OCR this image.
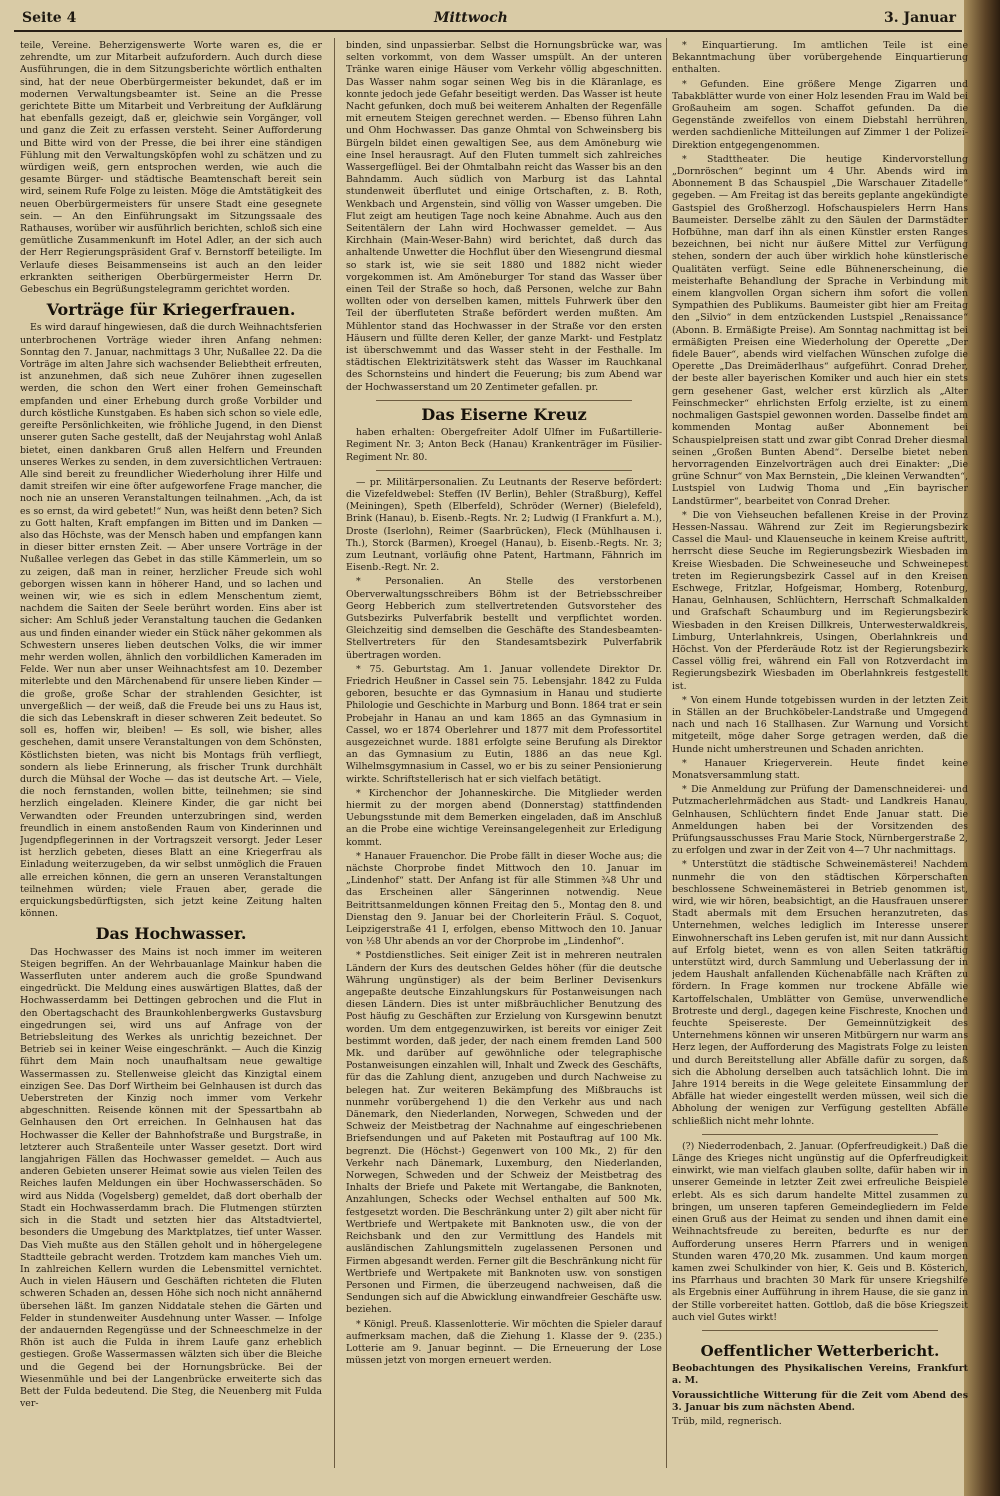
Seite 4	Mittwoch	3. Januar

teile, Vereine. Beherzigenswerte Worte waren es, die er zehrendte, um zur Mitarbeit aufzufordern. Auch durch diese Ausführungen, die in dem Sitzungsberichte wörtlich enthalten sind, hat der neue Oberbürgermeister bekundet, daß er im modernen Verwaltungsbeamter ist. Seine an die Presse gerichtete Bitte um Mitarbeit und Verbreitung der Aufklärung hat ebenfalls gezeigt, daß er, gleichwie sein Vorgänger, voll und ganz die Zeit zu erfassen versteht. Seiner Aufforderung und Bitte wird von der Presse, die bei ihrer eine ständigen Fühlung mit den Verwaltungsköpfen wohl zu schätzen und zu würdigen weiß, gern entsprochen werden, wie auch die gesamte Bürger- und städtische Beamtenschaft bereit sein wird, seinem Rufe Folge zu leisten. Möge die Amtstätigkeit des neuen Oberbürgermeisters für unsere Stadt eine gesegnete sein. — An den Einführungsakt im Sitzungssaale des Rathauses, worüber wir ausführlich berichten, schloß sich eine gemütliche Zusammenkunft im Hotel Adler, an der sich auch der Herr Regierungspräsident Graf v. Bernstorff beteiligte. Im Verlaufe dieses Beisammenseins ist auch an den leider erkrankten seitherigen Oberbürgermeister Herrn Dr. Gebeschus ein Begrüßungstelegramm gerichtet worden.

Vorträge für Kriegerfrauen.

Es wird darauf hingewiesen, daß die durch Weihnachtsferien unterbrochenen Vorträge wieder ihren Anfang nehmen: Sonntag den 7. Januar, nachmittags 3 Uhr, Nußallee 22. Da die Vorträge im alten Jahre sich wachsender Beliebtheit erfreuten, ist anzunehmen, daß sich neue Zuhörer ihnen zugesellen werden, die schon den Wert einer frohen Gemeinschaft empfanden und einer Erhebung durch große Vorbilder und durch köstliche Kunstgaben. Es haben sich schon so viele edle, gereifte Persönlichkeiten, wie fröhliche Jugend, in den Dienst unserer guten Sache gestellt, daß der Neujahrstag wohl Anlaß bietet, einen dankbaren Gruß allen Helfern und Freunden unseres Werkes zu senden, in dem zuversichtlichen Vertrauen: Alle sind bereit zu freundlicher Wiederholung ihrer Hilfe und damit streifen wir eine öfter aufgeworfene Frage mancher, die noch nie an unseren Veranstaltungen teilnahmen. „Ach, da ist es so ernst, da wird gebetet!“ Nun, was heißt denn beten? Sich zu Gott halten, Kraft empfangen im Bitten und im Danken — also das Höchste, was der Mensch haben und empfangen kann in dieser bitter ernsten Zeit. — Aber unsere Vorträge in der Nußallee verlegen das Gebet in das stille Kämmerlein, um so zu zeigen, daß man in reiner, herzlicher Freude sich wohl geborgen wissen kann in höherer Hand, und so lachen und weinen wir, wie es sich in edlem Menschentum ziemt, nachdem die Saiten der Seele berührt worden. Eins aber ist sicher: Am Schluß jeder Veranstaltung tauchen die Gedanken aus und finden einander wieder ein Stück näher gekommen als Schwestern unseres lieben deutschen Volks, die wir immer mehr werden wollen, ähnlich den vorbildlichen Kameraden im Felde. Wer nun aber unser Weihnachtsfest am 10. Dezember miterlebte und den Märchenabend für unsere lieben Kinder — die große, große Schar der strahlenden Gesichter, ist unvergeßlich — der weiß, daß die Freude bei uns zu Haus ist, die sich das Lebenskraft in dieser schweren Zeit bedeutet. So soll es, hoffen wir, bleiben! — Es soll, wie bisher, alles geschehen, damit unsere Veranstaltungen von dem Schönsten, Köstlichsten bieten, was nicht bis Montags früh verfliegt, sondern als liebe Erinnerung, als frischer Trunk durchhält durch die Mühsal der Woche — das ist deutsche Art. — Viele, die noch fernstanden, wollen bitte, teilnehmen; sie sind herzlich eingeladen. Kleinere Kinder, die gar nicht bei Verwandten oder Freunden unterzubringen sind, werden freundlich in einem anstoßenden Raum von Kinderinnen und Jugendpflegerinnen in der Vortragszeit versorgt. Jeder Leser ist herzlich gebeten, dieses Blatt an eine Kriegerfrau als Einladung weiterzugeben, da wir selbst unmöglich die Frauen alle erreichen können, die gern an unseren Veranstaltungen teilnehmen würden; viele Frauen aber, gerade die erquickungsbedürftigsten, sich jetzt keine Zeitung halten können.

Das Hochwasser.

Das Hochwasser des Mains ist noch immer im weiteren Steigen begriffen. An der Wehrbauanlage Mainkur haben die Wasserfluten unter anderem auch die große Spundwand eingedrückt. Die Meldung eines auswärtigen Blattes, daß der Hochwasserdamm bei Dettingen gebrochen und die Flut in den Obertagschacht des Braunkohlenbergwerks Gustavsburg eingedrungen sei, wird uns auf Anfrage von der Betriebsleitung des Werkes als unrichtig bezeichnet. Der Betrieb sei in keiner Weise eingeschränkt. — Auch die Kinzig führt dem Main noch unaufhaltsam neue gewaltige Wassermassen zu. Stellenweise gleicht das Kinzigtal einem einzigen See. Das Dorf Wirtheim bei Gelnhausen ist durch das Ueberstreten der Kinzig noch immer vom Verkehr abgeschnitten. Reisende können mit der Spessartbahn ab Gelnhausen den Ort erreichen. In Gelnhausen hat das Hochwasser die Keller der Bahnhofstraße und Burgstraße, in letzterer auch Straßenteile unter Wasser gesetzt. Dort wird langjahrigen Fällen das Hochwasser gemeldet. — Auch aus anderen Gebieten unserer Heimat sowie aus vielen Teilen des Reiches laufen Meldungen ein über Hochwasserschäden. So wird aus Nidda (Vogelsberg) gemeldet, daß dort oberhalb der Stadt ein Hochwasserdamm brach. Die Flutmengen stürzten sich in die Stadt und setzten hier das Altstadtviertel, besonders die Umgebung des Marktplatzes, tief unter Wasser. Das Vieh mußte aus den Ställen geholt und in höhergelegene Stadtteile gebracht werden. Trotzdem kam manches Vieh um. In zahlreichen Kellern wurden die Lebensmittel vernichtet. Auch in vielen Häusern und Geschäften richteten die Fluten schweren Schaden an, dessen Höhe sich noch nicht annähernd übersehen läßt. Im ganzen Niddatale stehen die Gärten und Felder in stundenweiter Ausdehnung unter Wasser. — Infolge der andauernden Regengüsse und der Schneeschmelze in der Rhön ist auch die Fulda in ihrem Laufe ganz erheblich gestiegen. Große Wassermassen wälzten sich über die Bleiche und die Gegend bei der Hornungsbrücke. Bei der Wiesenmühle und bei der Langenbrücke erweiterte sich das Bett der Fulda bedeutend. Die Steg, die Neuenberg mit Fulda ver-

binden, sind unpassierbar. Selbst die Hornungsbrücke war, was selten vorkommt, von dem Wasser umspült. An der unteren Tränke waren einige Häuser vom Verkehr völlig abgeschnitten. Das Wasser nahm sogar seinen Weg bis in die Kläranlage, es konnte jedoch jede Gefahr beseitigt werden. Das Wasser ist heute Nacht gefunken, doch muß bei weiterem Anhalten der Regenfälle mit erneutem Steigen gerechnet werden. — Ebenso führen Lahn und Ohm Hochwasser. Das ganze Ohmtal von Schweinsberg bis Bürgeln bildet einen gewaltigen See, aus dem Amöneburg wie eine Insel herausragt. Auf den Fluten tummelt sich zahlreiches Wassergeflügel. Bei der Ohmtalbahn reicht das Wasser bis an den Bahndamm. Auch südlich von Marburg ist das Lahntal stundenweit überflutet und einige Ortschaften, z. B. Roth, Wenkbach und Argenstein, sind völlig von Wasser umgeben. Die Flut zeigt am heutigen Tage noch keine Abnahme. Auch aus den Seitentälern der Lahn wird Hochwasser gemeldet. — Aus Kirchhain (Main-Weser-Bahn) wird berichtet, daß durch das anhaltende Unwetter die Hochflut über den Wiesengrund diesmal so stark ist, wie sie seit 1880 und 1882 nicht wieder vorgekommen ist. Am Amöneburger Tor stand das Wasser über einen Teil der Straße so hoch, daß Personen, welche zur Bahn wollten oder von derselben kamen, mittels Fuhrwerk über den Teil der überfluteten Straße befördert werden mußten. Am Mühlentor stand das Hochwasser in der Straße vor den ersten Häusern und füllte deren Keller, der ganze Markt- und Festplatz ist überschwemmt und das Wasser steht in der Festhalle. Im städtischen Elektrizitätswerk steht das Wasser im Rauchkanal des Schornsteins und hindert die Feuerung; bis zum Abend war der Hochwasserstand um 20 Zentimeter gefallen. pr.

Das Eiserne Kreuz

haben erhalten: Obergefreiter Adolf Ulfner im Fußartillerie-Regiment Nr. 3; Anton Beck (Hanau) Krankenträger im Füsilier-Regiment Nr. 80.

— pr. Militärpersonalien. Zu Leutnants der Reserve befördert: die Vizefeldwebel: Steffen (IV Berlin), Behler (Straßburg), Keffel (Meiningen), Speth (Elberfeld), Schröder (Werner) (Bielefeld), Brink (Hanau), b. Eisenb.-Regts. Nr. 2; Ludwig (I Frankfurt a. M.), Droste (Iserlohn), Reimer (Saarbrücken), Fleck (Mühlhausen i. Th.), Storck (Barmen), Kroegel (Hanau), b. Eisenb.-Regts. Nr. 3; zum Leutnant, vorläufig ohne Patent, Hartmann, Fähnrich im Eisenb.-Regt. Nr. 2.

* Personalien. An Stelle des verstorbenen Oberverwaltungsschreibers Böhm ist der Betriebsschreiber Georg Hebberich zum stellvertretenden Gutsvorsteher des Gutsbezirks Pulverfabrik bestellt und verpflichtet worden. Gleichzeitig sind demselben die Geschäfte des Standesbeamten-Stellvertreters für den Standesamtsbezirk Pulverfabrik übertragen worden.

* 75. Geburtstag. Am 1. Januar vollendete Direktor Dr. Friedrich Heußner in Cassel sein 75. Lebensjahr. 1842 zu Fulda geboren, besuchte er das Gymnasium in Hanau und studierte Philologie und Geschichte in Marburg und Bonn. 1864 trat er sein Probejahr in Hanau an und kam 1865 an das Gymnasium in Cassel, wo er 1874 Oberlehrer und 1877 mit dem Professortitel ausgezeichnet wurde. 1881 erfolgte seine Berufung als Direktor an das Gymnasium zu Eutin, 1886 an das neue Kgl. Wilhelmsgymnasium in Cassel, wo er bis zu seiner Pensionierung wirkte. Schriftstellerisch hat er sich vielfach betätigt.

* Kirchenchor der Johanneskirche. Die Mitglieder werden hiermit zu der morgen abend (Donnerstag) stattfindenden Uebungsstunde mit dem Bemerken eingeladen, daß im Anschluß an die Probe eine wichtige Vereinsangelegenheit zur Erledigung kommt.

* Hanauer Frauenchor. Die Probe fällt in dieser Woche aus; die nächste Chorprobe findet Mittwoch den 10. Januar im „Lindenhof“ statt. Der Anfang ist für alle Stimmen ¾8 Uhr und das Erscheinen aller Sängerinnen notwendig. Neue Beitrittsanmeldungen können Freitag den 5., Montag den 8. und Dienstag den 9. Januar bei der Chorleiterin Fräul. S. Coquot, Leipzigerstraße 41 I, erfolgen, ebenso Mittwoch den 10. Januar von ½8 Uhr abends an vor der Chorprobe im „Lindenhof“.

* Postdienstliches. Seit einiger Zeit ist in mehreren neutralen Ländern der Kurs des deutschen Geldes höher (für die deutsche Währung ungünstiger) als der beim Berliner Devisenkurs angepaßte deutsche Einzahlungskurs für Postanweisungen nach diesen Ländern. Dies ist unter mißbräuchlicher Benutzung des Post häufig zu Geschäften zur Erzielung von Kursgewinn benutzt worden. Um dem entgegenzuwirken, ist bereits vor einiger Zeit bestimmt worden, daß jeder, der nach einem fremden Land 500 Mk. und darüber auf gewöhnliche oder telegraphische Postanweisungen einzahlen will, Inhalt und Zweck des Geschäfts, für das die Zahlung dient, anzugeben und durch Nachweise zu belegen hat. Zur weiteren Bekämpfung des Mißbrauchs ist nunmehr vorübergehend 1) die den Verkehr aus und nach Dänemark, den Niederlanden, Norwegen, Schweden und der Schweiz der Meistbetrag der Nachnahme auf eingeschriebenen Briefsendungen und auf Paketen mit Postauftrag auf 100 Mk. begrenzt. Die (Höchst-) Gegenwert von 100 Mk., 2) für den Verkehr nach Dänemark, Luxemburg, den Niederlanden, Norwegen, Schweden und der Schweiz der Meistbetrag des Inhalts der Briefe und Pakete mit Wertangabe, die Banknoten, Anzahlungen, Schecks oder Wechsel enthalten auf 500 Mk. festgesetzt worden. Die Beschränkung unter 2) gilt aber nicht für Wertbriefe und Wertpakete mit Banknoten usw., die von der Reichsbank und den zur Vermittlung des Handels mit ausländischen Zahlungsmitteln zugelassenen Personen und Firmen abgesandt werden. Ferner gilt die Beschränkung nicht für Wertbriefe und Wertpakete mit Banknoten usw. von sonstigen Personen und Firmen, die überzeugend nachweisen, daß die Sendungen sich auf die Abwicklung einwandfreier Geschäfte usw. beziehen.

* Königl. Preuß. Klassenlotterie. Wir möchten die Spieler darauf aufmerksam machen, daß die Ziehung 1. Klasse der 9. (235.) Lotterie am 9. Januar beginnt. — Die Erneuerung der Lose müssen jetzt von morgen erneuert werden.

* Einquartierung. Im amtlichen Teile ist eine Bekanntmachung über vorübergehende Einquartierung enthalten.

* Gefunden. Eine größere Menge Zigarren und Tabakblätter wurde von einer Holz lesenden Frau im Wald bei Großauheim am sogen. Schaffot gefunden. Da die Gegenstände zweifellos von einem Diebstahl herrühren, werden sachdienliche Mitteilungen auf Zimmer 1 der Polizei-Direktion entgegengenommen.

* Stadttheater. Die heutige Kindervorstellung „Dornröschen“ beginnt um 4 Uhr. Abends wird im Abonnement B das Schauspiel „Die Warschauer Zitadelle“ gegeben. — Am Freitag ist das bereits geplante angekündigte Gastspiel des Großherzogl. Hofschauspielers Herrn Hans Baumeister. Derselbe zählt zu den Säulen der Darmstädter Hofbühne, man darf ihn als einen Künstler ersten Ranges bezeichnen, bei nicht nur äußere Mittel zur Verfügung stehen, sondern der auch über wirklich hohe künstlerische Qualitäten verfügt. Seine edle Bühnenerscheinung, die meisterhafte Behandlung der Sprache in Verbindung mit einem klangvollen Organ sichern ihm sofort die vollen Sympathien des Publikums. Baumeister gibt hier am Freitag den „Silvio“ in dem entzückenden Lustspiel „Renaissance“ (Abonn. B. Ermäßigte Preise). Am Sonntag nachmittag ist bei ermäßigten Preisen eine Wiederholung der Operette „Der fidele Bauer“, abends wird vielfachen Wünschen zufolge die Operette „Das Dreimäderlhaus“ aufgeführt. Conrad Dreher, der beste aller bayerischen Komiker und auch hier ein stets gern gesehener Gast, welcher erst kürzlich als „Alter Feinschmecker“ ehrlichsten Erfolg erzielte, ist zu einem nochmaligen Gastspiel gewonnen worden. Dasselbe findet am kommenden Montag außer Abonnement bei Schauspielpreisen statt und zwar gibt Conrad Dreher diesmal seinen „Großen Bunten Abend“. Derselbe bietet neben hervorragenden Einzelvorträgen auch drei Einakter: „Die grüne Schnur“ von Max Bernstein, „Die kleinen Verwandten“, Lustspiel von Ludwig Thoma und „Ein bayrischer Landstürmer“, bearbeitet von Conrad Dreher.

* Die von Viehseuchen befallenen Kreise in der Provinz Hessen-Nassau. Während zur Zeit im Regierungsbezirk Cassel die Maul- und Klauenseuche in keinem Kreise auftritt, herrscht diese Seuche im Regierungsbezirk Wiesbaden im Kreise Wiesbaden. Die Schweineseuche und Schweinepest treten im Regierungsbezirk Cassel auf in den Kreisen Eschwege, Fritzlar, Hofgeismar, Homberg, Rotenburg, Hanau, Gelnhausen, Schlüchtern, Herrschaft Schmalkalden und Grafschaft Schaumburg und im Regierungsbezirk Wiesbaden in den Kreisen Dillkreis, Unterwesterwaldkreis, Limburg, Unterlahnkreis, Usingen, Oberlahnkreis und Höchst. Von der Pferderäude Rotz ist der Regierungsbezirk Cassel völlig frei, während ein Fall von Rotzverdacht im Regierungsbezirk Wiesbaden im Oberlahnkreis festgestellt ist.

* Von einem Hunde totgebissen wurden in der letzten Zeit in Ställen an der Bruchköbeler-Landstraße und Umgegend nach und nach 16 Stallhasen. Zur Warnung und Vorsicht mitgeteilt, möge daher Sorge getragen werden, daß die Hunde nicht umherstreunen und Schaden anrichten.

* Hanauer Kriegerverein. Heute findet keine Monatsversammlung statt.

* Die Anmeldung zur Prüfung der Damenschneiderei- und Putzmacherlehrmädchen aus Stadt- und Landkreis Hanau, Gelnhausen, Schlüchtern findet Ende Januar statt. Die Anmeldungen haben bei der Vorsitzenden des Prüfungsausschusses Frau Marie Stock, Nürnbergerstraße 2, zu erfolgen und zwar in der Zeit von 4—7 Uhr nachmittags.

* Unterstützt die städtische Schweinemästerei! Nachdem nunmehr die von den städtischen Körperschaften beschlossene Schweinemästerei in Betrieb genommen ist, wird, wie wir hören, beabsichtigt, an die Hausfrauen unserer Stadt abermals mit dem Ersuchen heranzutreten, das Unternehmen, welches lediglich im Interesse unserer Einwohnerschaft ins Leben gerufen ist, mit nur dann Aussicht auf Erfolg bietet, wenn es von allen Seiten tatkräftig unterstützt wird, durch Sammlung und Ueberlassung der in jedem Haushalt anfallenden Küchenabfälle nach Kräften zu fördern. In Frage kommen nur trockene Abfälle wie Kartoffelschalen, Umblätter von Gemüse, unverwendliche Brotreste und dergl., dagegen keine Fischreste, Knochen und feuchte Speisereste. Der Gemeinnützigkeit des Unternehmens können wir unseren Mitbürgern nur warm ans Herz legen, der Aufforderung des Magistrats Folge zu leisten und durch Bereitstellung aller Abfälle dafür zu sorgen, daß sich die Abholung derselben auch tatsächlich lohnt. Die im Jahre 1914 bereits in die Wege geleitete Einsammlung der Abfälle hat wieder eingestellt werden müssen, weil sich die Abholung der wenigen zur Verfügung gestellten Abfälle schließlich nicht mehr lohnte.

(?) Niederrodenbach, 2. Januar. (Opferfreudigkeit.) Daß die Länge des Krieges nicht ungünstig auf die Opferfreudigkeit einwirkt, wie man vielfach glauben sollte, dafür haben wir in unserer Gemeinde in letzter Zeit zwei erfreuliche Beispiele erlebt. Als es sich darum handelte Mittel zusammen zu bringen, um unseren tapferen Gemeindegliedern im Felde einen Gruß aus der Heimat zu senden und ihnen damit eine Weihnachtsfreude zu bereiten, bedurfte es nur der Aufforderung unseres Herrn Pfarrers und in wenigen Stunden waren 470,20 Mk. zusammen. Und kaum morgen kamen zwei Schulkinder von hier, K. Geis und B. Kösterich, ins Pfarrhaus und brachten 30 Mark für unsere Kriegshilfe als Ergebnis einer Aufführung in ihrem Hause, die sie ganz in der Stille vorbereitet hatten. Gottlob, daß die böse Kriegszeit auch viel Gutes wirkt!

Oeffentlicher Wetterbericht.

Beobachtungen des Physikalischen Vereins, Frankfurt a. M.

Voraussichtliche Witterung für die Zeit vom Abend des 3. Januar bis zum nächsten Abend.

Trüb, mild, regnerisch.
